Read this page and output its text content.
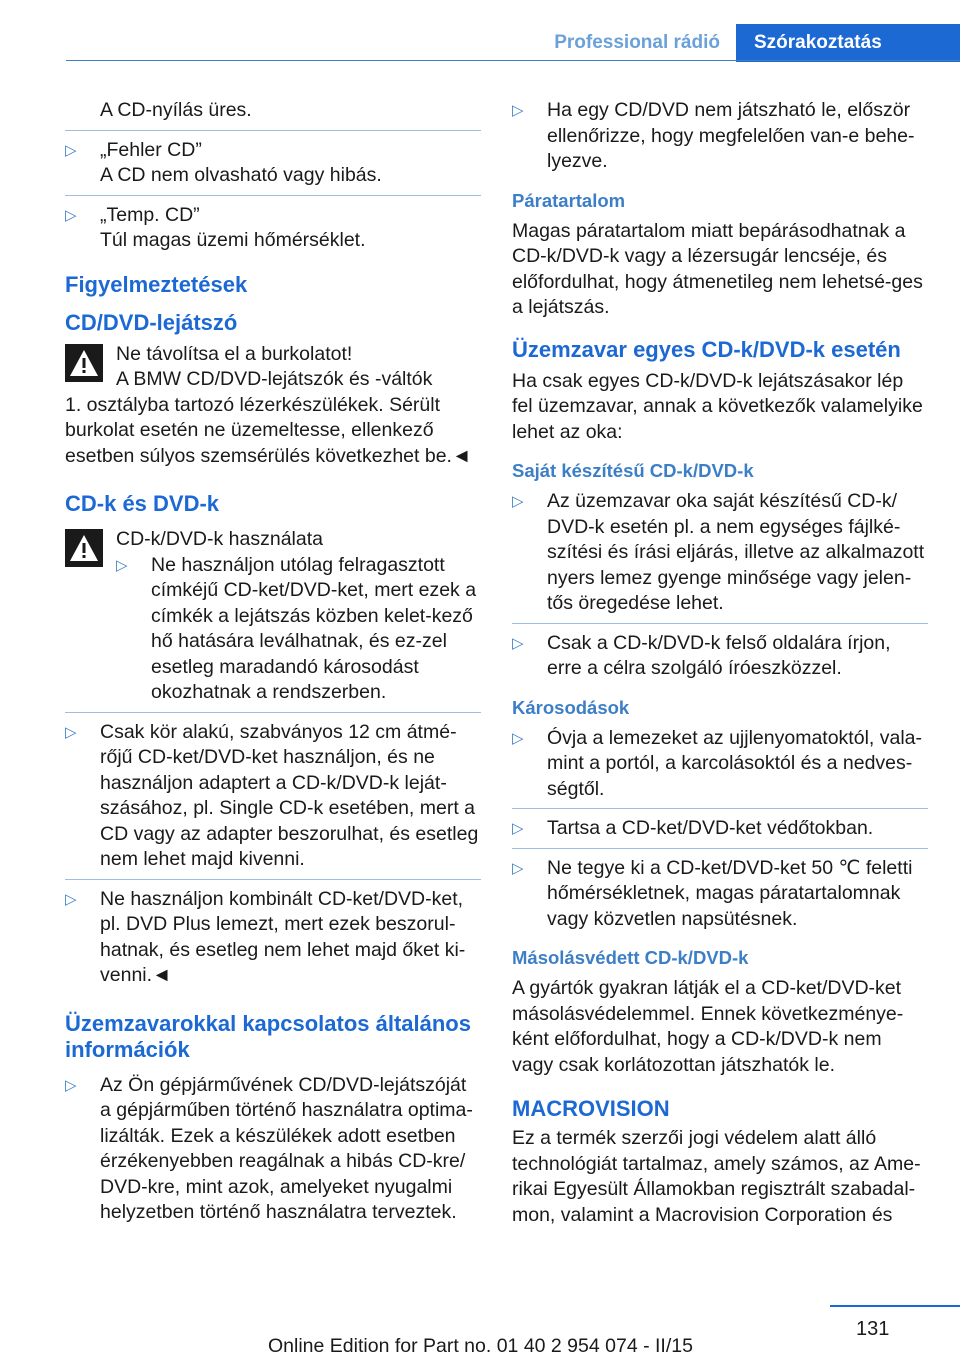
Professional rádió	Szórakoztatás
A CD-nyílás üres.
▷ „Fehler CD”
A CD nem olvasható vagy hibás.
▷ „Temp. CD”
Túl magas üzemi hőmérséklet.
Figyelmeztetések
CD/DVD-lejátszó
Ne távolítsa el a burkolatot!
A BMW CD/DVD-lejátszók és -váltók
1. osztályba tartozó lézerkészülékek. Sérült burkolat esetén ne üzemeltesse, ellenkező esetben súlyos szemsérülés következhet be.◄
CD-k és DVD-k
CD-k/DVD-k használata
▷ Ne használjon utólag felragasztott címkéjű CD-ket/DVD-ket, mert ezek a címkék a lejátszás közben kelet-kező hő hatására leválhatnak, és ez-zel esetleg maradandó károsodást okozhatnak a rendszerben.
▷ Csak kör alakú, szabványos 12 cm átmé-rőjű CD-ket/DVD-ket használjon, és ne használjon adaptert a CD-k/DVD-k leját-szásához, pl. Single CD-k esetében, mert a CD vagy az adapter beszorulhat, és esetleg nem lehet majd kivenni.
▷ Ne használjon kombinált CD-ket/DVD-ket, pl. DVD Plus lemezt, mert ezek beszorul-hatnak, és esetleg nem lehet majd őket ki-venni.◄
Üzemzavarokkal kapcsolatos általános információk
▷ Az Ön gépjárművének CD/DVD-lejátszóját a gépjárműben történő használatra optima-lizálták. Ezek a készülékek adott esetben érzékenyebben reagálnak a hibás CD-kre/ DVD-kre, mint azok, amelyeket nyugalmi helyzetben történő használatra terveztek.
▷ Ha egy CD/DVD nem játszható le, először ellenőrizze, hogy megfelelően van-e behe-lyezve.
Páratartalom
Magas páratartalom miatt bepárásodhatnak a CD-k/DVD-k vagy a lézersugár lencséje, és előfordulhat, hogy átmenetileg nem lehetsé-ges a lejátszás.
Üzemzavar egyes CD-k/DVD-k esetén
Ha csak egyes CD-k/DVD-k lejátszásakor lép fel üzemzavar, annak a következők valamelyike lehet az oka:
Saját készítésű CD-k/DVD-k
▷ Az üzemzavar oka saját készítésű CD-k/ DVD-k esetén pl. a nem egységes fájlké-szítési és írási eljárás, illetve az alkalmazott nyers lemez gyenge minősége vagy jelen-tős öregedése lehet.
▷ Csak a CD-k/DVD-k felső oldalára írjon, erre a célra szolgáló íróeszközzel.
Károsodások
▷ Óvja a lemezeket az ujjlenyomatoktól, vala-mint a portól, a karcolásoktól és a nedves-ségtől.
▷ Tartsa a CD-ket/DVD-ket védőtokban.
▷ Ne tegye ki a CD-ket/DVD-ket 50 ℃ feletti hőmérsékletnek, magas páratartalomnak vagy közvetlen napsütésnek.
Másolásvédett CD-k/DVD-k
A gyártók gyakran látják el a CD-ket/DVD-ket másolásvédelemmel. Ennek következménye-ként előfordulhat, hogy a CD-k/DVD-k nem vagy csak korlátozottan játszhatók le.
MACROVISION
Ez a termék szerzői jogi védelem alatt álló technológiát tartalmaz, amely számos, az Ame-rikai Egyesült Államokban regisztrált szabadal-mon, valamint a Macrovision Corporation és
131
Online Edition for Part no. 01 40 2 954 074 - II/15
